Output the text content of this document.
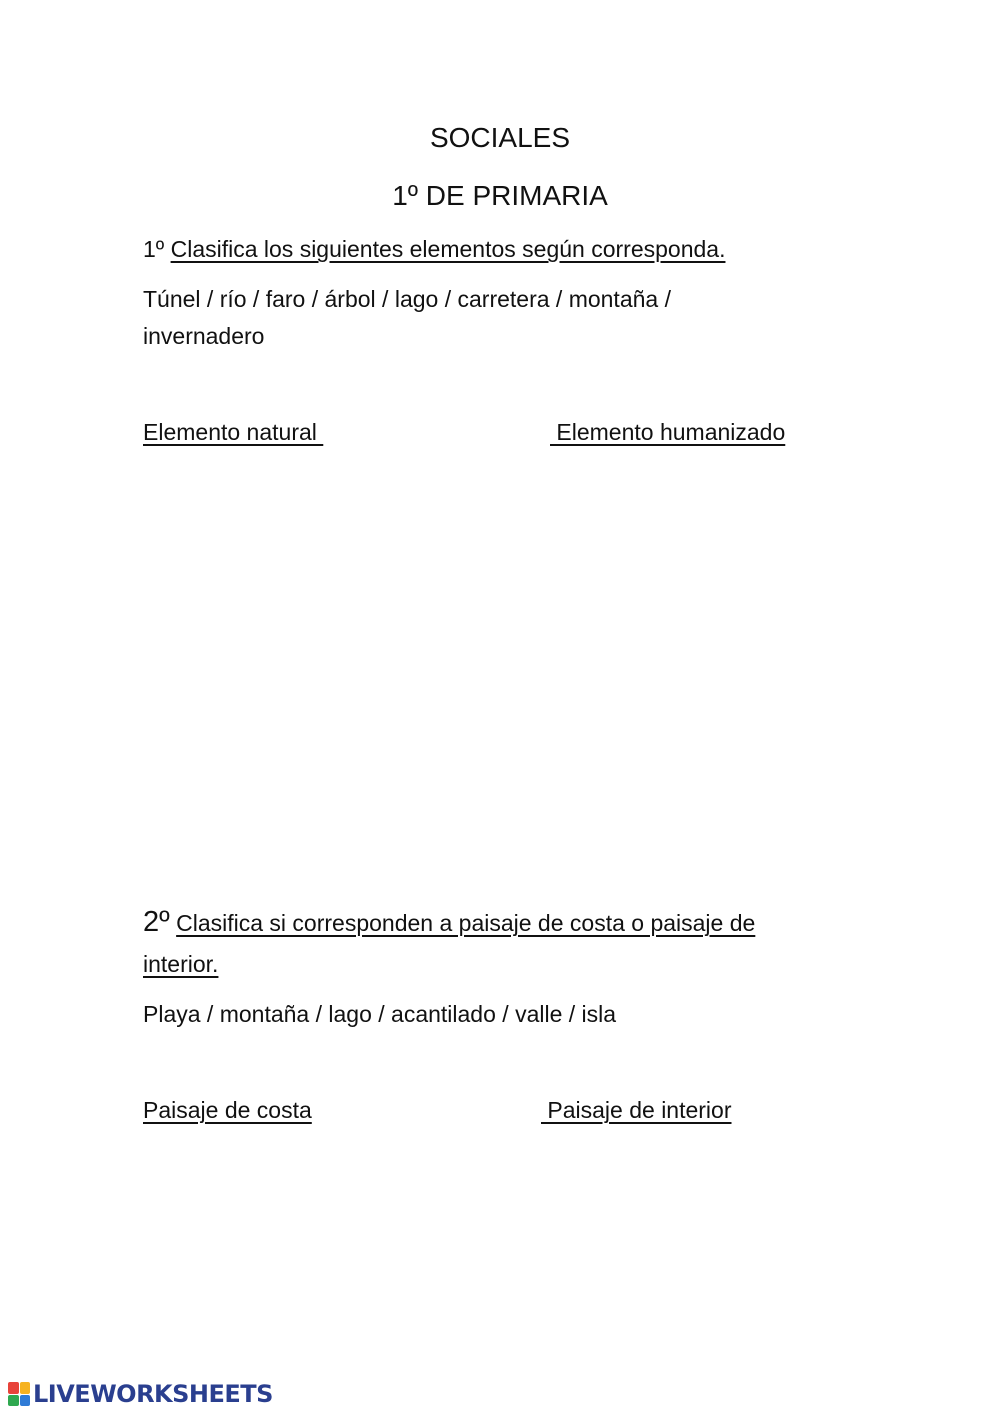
SOCIALES
1º DE PRIMARIA
1º Clasifica los siguientes elementos según corresponda.
Túnel / río / faro / árbol / lago / carretera / montaña / invernadero
Elemento natural	Elemento humanizado
2º Clasifica si corresponden a paisaje de costa o paisaje de
interior.
Playa / montaña / lago / acantilado / valle / isla
Paisaje de costa	Paisaje de interior
LIVEWORKSHEETS
